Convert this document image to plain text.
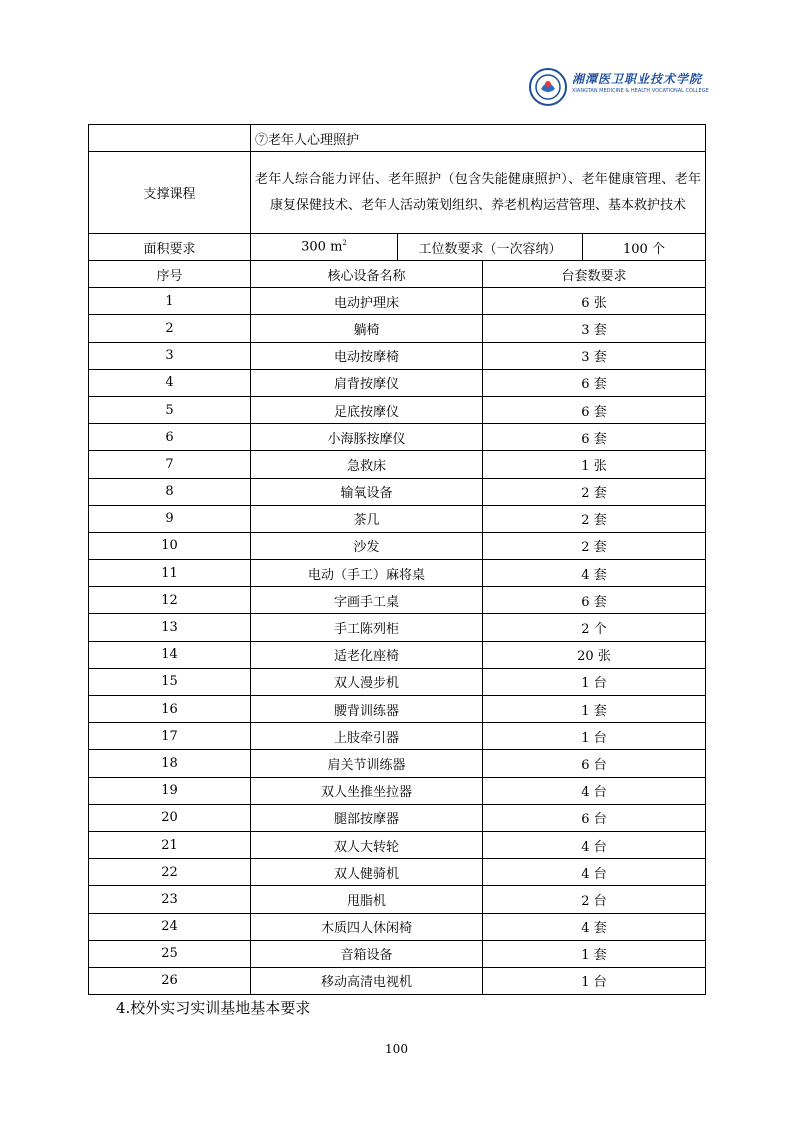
湘潭医卫职业技术学院
XIANGTAN MEDICINE & HEALTH VOCATIONAL COLLEGE
	⑦老年人心理照护		
支撑课程	老年人综合能力评估、老年照护（包含失能健康照护）、老年健康管理、老年康复保健技术、老年人活动策划组织、养老机构运营管理、基本救护技术		
面积要求	300 $m^2$	工位数要求（一次容纳）	100 个
序号	核心设备名称	台套数要求
1	电动护理床	6 张
2	躺椅	3 套
3	电动按摩椅	3 套
4	肩背按摩仪	6 套
5	足底按摩仪	6 套
6	小海豚按摩仪	6 套
7	急救床	1 张
8	输氧设备	2 套
9	茶几	2 套
10	沙发	2 套
11	电动（手工）麻将桌	4 套
12	字画手工桌	6 套
13	手工陈列柜	2 个
14	适老化座椅	20 张
15	双人漫步机	1 台
16	腰背训练器	1 套
17	上肢牵引器	1 台
18	肩关节训练器	6 台
19	双人坐推坐拉器	4 台
20	腿部按摩器	6 台
21	双人大转轮	4 台
22	双人健骑机	4 台
23	甩脂机	2 台
24	木质四人休闲椅	4 套
25	音箱设备	1 套
26	移动高清电视机	1 台
4.校外实习实训基地基本要求
100
